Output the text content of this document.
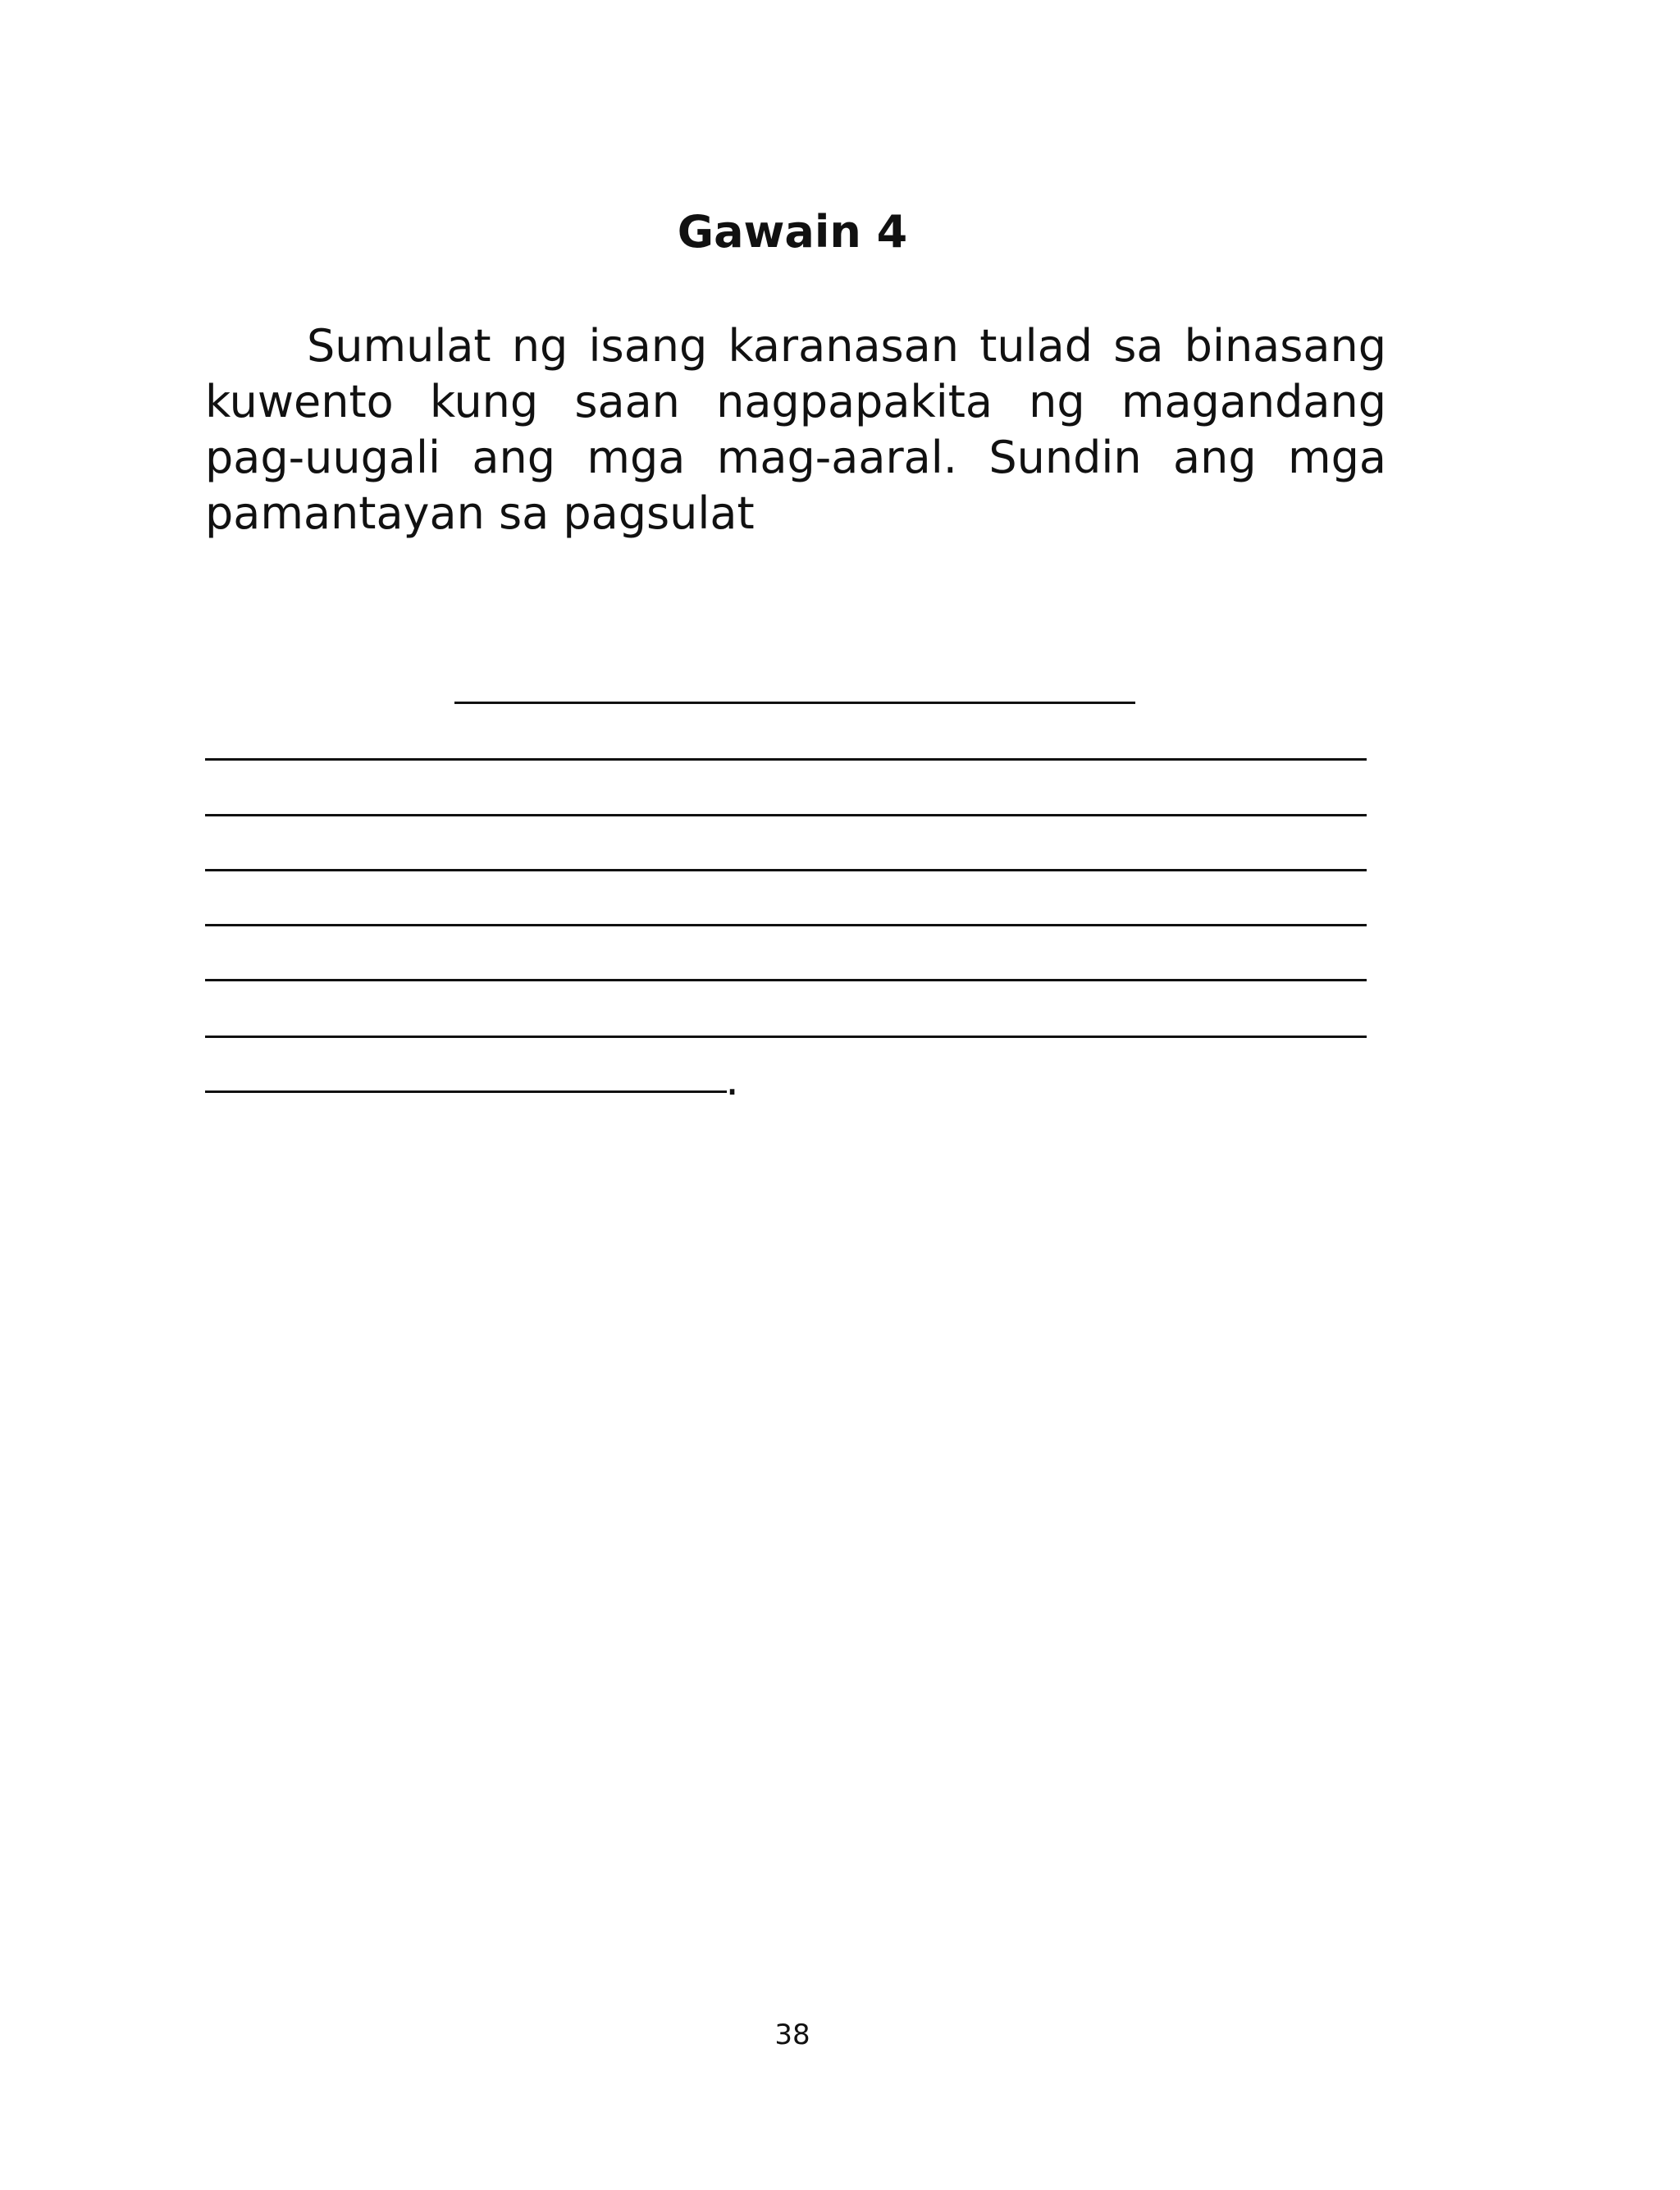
Gawain 4

Sumulat ng isang karanasan tulad sa binasang kuwento kung saan nagpapakita ng magandang pag-uugali ang mga mag-aaral. Sundin ang mga pamantayan sa pagsulat

.
38
